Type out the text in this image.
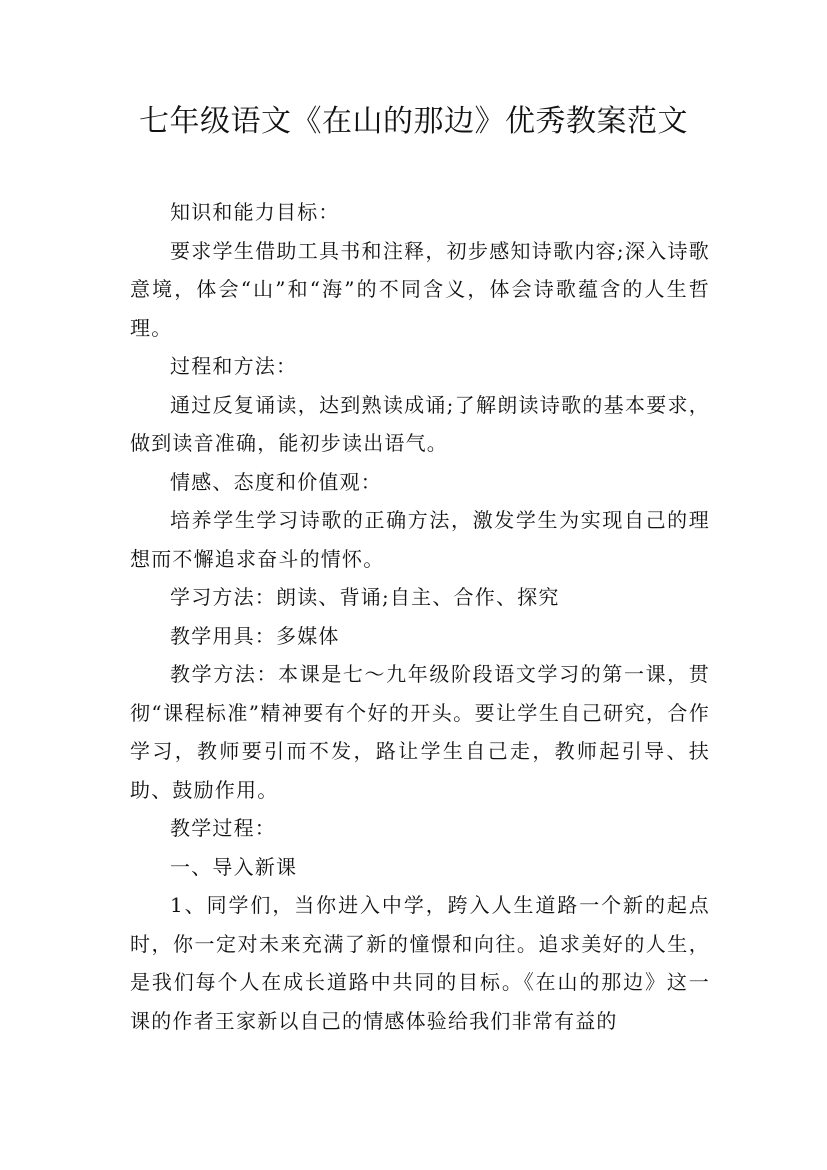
七年级语文《在山的那边》优秀教案范文

知识和能力目标：

要求学生借助工具书和注释，初步感知诗歌内容;深入诗歌意境，体会“山”和“海”的不同含义，体会诗歌蕴含的人生哲理。

过程和方法：

通过反复诵读，达到熟读成诵;了解朗读诗歌的基本要求，做到读音准确，能初步读出语气。

情感、态度和价值观：

培养学生学习诗歌的正确方法，激发学生为实现自己的理想而不懈追求奋斗的情怀。

学习方法：朗读、背诵;自主、合作、探究

教学用具：多媒体

教学方法：本课是七～九年级阶段语文学习的第一课，贯彻“课程标准”精神要有个好的开头。要让学生自己研究，合作学习，教师要引而不发，路让学生自己走，教师起引导、扶助、鼓励作用。

教学过程：

一、导入新课

1、同学们，当你进入中学，跨入人生道路一个新的起点时，你一定对未来充满了新的憧憬和向往。追求美好的人生，是我们每个人在成长道路中共同的目标。《在山的那边》这一课的作者王家新以自己的情感体验给我们非常有益的
